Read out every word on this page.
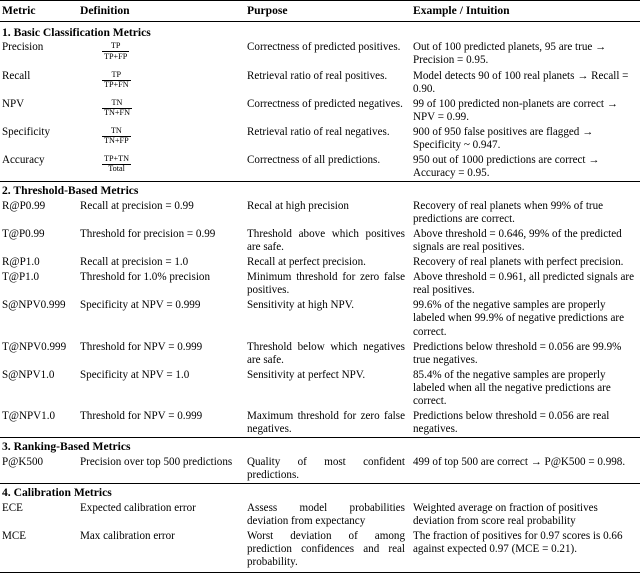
Metric	Definition	Purpose	Example / Intuition

1. Basic Classification Metrics			
Precision	$\frac{TP}{TP+FP}$	Correctness of predicted positives.	Out of 100 predicted planets, 95 are true → Precision = 0.95.
Recall	$\frac{TP}{TP+FN}$	Retrieval ratio of real positives.	Model detects 90 of 100 real planets → Recall = 0.90.
NPV	$\frac{TN}{TN+FN}$	Correctness of predicted negatives.	99 of 100 predicted non-planets are correct → NPV = 0.99.
Specificity	$\frac{TN}{TN+FP}$	Retrieval ratio of real negatives.	900 of 950 false positives are flagged → Specificity ~ 0.947.
Accuracy	$\frac{TP+TN}{\text{Total}}$	Correctness of all predictions.	950 out of 1000 predictions are correct → Accuracy = 0.95.
2. Threshold-Based Metrics			
R@P0.99	Recall at precision = 0.99	Recal at high precision	Recovery of real planets when 99% of true predictions are correct.
T@P0.99	Threshold for precision = 0.99	Threshold above which positives are safe.	Above threshold = 0.646, 99% of the predicted signals are real positives.
R@P1.0	Recall at precision = 1.0	Recall at perfect precision.	Recovery of real planets with perfect precision.
T@P1.0	Threshold for 1.0% precision	Minimum threshold for zero false positives.	Above threshold = 0.961, all predicted signals are real positives.
S@NPV0.999	Specificity at NPV = 0.999	Sensitivity at high NPV.	99.6% of the negative samples are properly labeled when 99.9% of negative predictions are correct.
T@NPV0.999	Threshold for NPV = 0.999	Threshold below which negatives are safe.	Predictions below threshold = 0.056 are 99.9% true negatives.
S@NPV1.0	Specificity at NPV = 1.0	Sensitivity at perfect NPV.	85.4% of the negative samples are properly labeled when all the negative predictions are correct.
T@NPV1.0	Threshold for NPV = 0.999	Maximum threshold for zero false negatives.	Predictions below threshold = 0.056 are real negatives.
3. Ranking-Based Metrics			
P@K500	Precision over top 500 predictions	Quality of most confident predictions.	499 of top 500 are correct → P@K500 = 0.998.
4. Calibration Metrics			
ECE	Expected calibration error	Assess model probabilities deviation from expectancy	Weighted average on fraction of positives deviation from score real probability
MCE	Max calibration error	Worst deviation of among prediction confidences and real probability.	The fraction of positives for 0.97 scores is 0.66 against expected 0.97 (MCE = 0.21).
